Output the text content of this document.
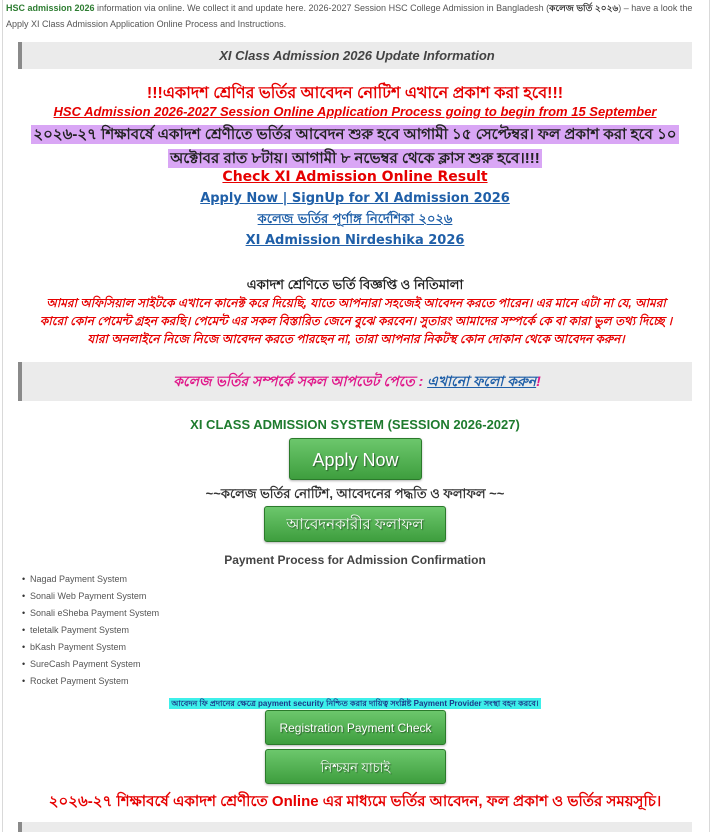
HSC admission 2026 information via online. We collect it and update here. 2026-2027 Session HSC College Admission in Bangladesh (কলেজ ভর্তি ২০২৬) – have a look the Apply XI Class Admission Application Online Process and Instructions.
XI Class Admission 2026 Update Information
!!!একাদশ শ্রেণির ভর্তির আবেদন নোটিশ এখানে প্রকাশ করা হবে!!!
HSC Admission 2026-2027 Session Online Application Process going to begin from 15 September
২০২৬-২৭ শিক্ষাবর্ষে একাদশ শ্রেণীতে ভর্তির আবেদন শুরু হবে আগামী ১৫ সেপ্টেম্বর। ফল প্রকাশ করা হবে ১০
অক্টোবর রাত ৮টায়। আগামী ৮ নভেম্বর থেকে ক্লাস শুরু হবে।!!!
Check XI Admission Online Result
Apply Now | SignUp for XI Admission 2026
কলেজ ভর্তির পূর্ণাঙ্গ নির্দেশিকা ২০২৬
XI Admission Nirdeshika 2026
একাদশ শ্রেণিতে ভর্তি বিজ্ঞপ্তি ও নিতিমালা
আমরা অফিসিয়াল সাইটকে এখানে কানেক্ট করে দিয়েছি, যাতে আপনারা সহজেই আবেদন করতে পারেন। এর মানে এটা না যে, আমরা
কারো কোন পেমেন্ট গ্রহন করছি। পেমেন্ট এর সকল বিস্তারিত জেনে বুঝে করবেন। সুতারং আমাদের সম্পর্কে কে বা কারা ভুল তথ্য দিচ্ছে ।
যারা অনলাইনে নিজে নিজে আবেদন করতে পারছেন না, তারা আপনার নিকটস্থ কোন দোকান থেকে আবেদন করুন।
কলেজ ভর্তির সম্পর্কে সকল আপডেট পেতে : এখানো ফলো করুন!
XI CLASS ADMISSION SYSTEM (SESSION 2026-2027)
Apply Now
~~কলেজ ভর্তির নোটিশ, আবেদনের পদ্ধতি ও ফলাফল ~~
আবেদনকারীর ফলাফল
Payment Process for Admission Confirmation
• Nagad Payment System
• Sonali Web Payment System
• Sonali eSheba Payment System
• teletalk Payment System
• bKash Payment System
• SureCash Payment System
• Rocket Payment System
আবেদন ফি প্রদানের ক্ষেত্রে payment security নিশ্চিত করার দায়িত্ব সংশ্লিষ্ট Payment Provider সংস্থা বহন করবে।
Registration Payment Check
নিশ্চয়ন যাচাই
২০২৬-২৭ শিক্ষাবর্ষে একাদশ শ্রেণীতে Online এর মাধ্যমে ভর্তির আবেদন, ফল প্রকাশ ও ভর্তির সময়সূচি।
